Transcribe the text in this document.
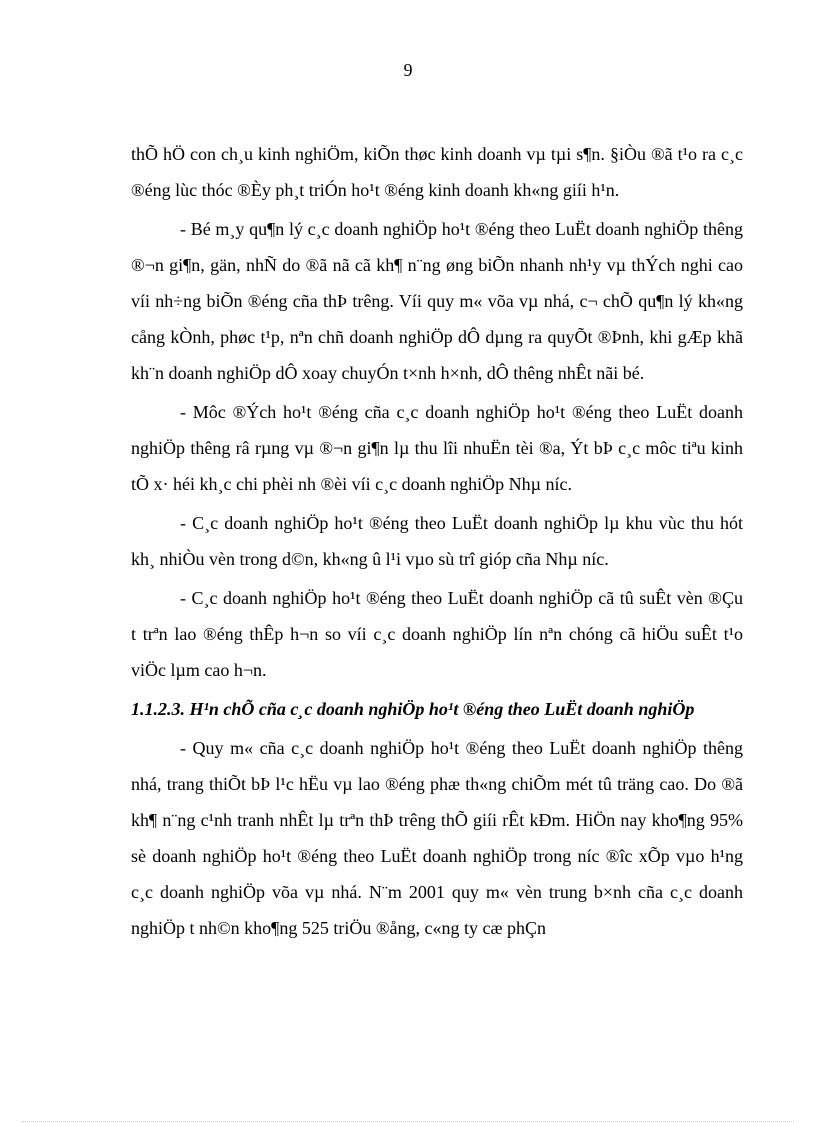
9

thÕ hÖ con ch¸u kinh nghiÖm, kiÕn thøc kinh doanh vµ tµi s¶n. §iÒu ®ã t¹o ra c¸c ®éng lùc thóc ®Èy ph¸t triÓn ho¹t ®éng kinh doanh kh«ng giíi h¹n.

- Bé m¸y qu¶n lý c¸c doanh nghiÖp ho¹t ®éng theo LuËt doanh nghiÖp thêng ®¬n gi¶n, gän, nhÑ do ®ã nã cã kh¶ n¨ng øng biÕn nhanh nh¹y vµ thÝch nghi cao víi nh÷ng biÕn ®éng cña thÞ trêng. Víi quy m« võa vµ nhá, c¬ chÕ qu¶n lý kh«ng cång kÒnh, phøc t¹p, nªn chñ doanh nghiÖp dÔ dµng ra quyÕt ®Þnh, khi gÆp khã kh¨n doanh nghiÖp dÔ xoay chuyÓn t×nh h×nh, dÔ thêng nhÊt nãi bé.

- Môc ®Ých ho¹t ®éng cña c¸c doanh nghiÖp ho¹t ®éng theo LuËt doanh nghiÖp thêng râ rµng vµ ®¬n gi¶n lµ thu lîi nhuËn tèi ®a, Ýt bÞ c¸c môc tiªu kinh tÕ x· héi kh¸c chi phèi nh ®èi víi c¸c doanh nghiÖp Nhµ níc.

- C¸c doanh nghiÖp ho¹t ®éng theo LuËt doanh nghiÖp lµ khu vùc thu hót kh¸ nhiÒu vèn trong d©n, kh«ng û l¹i vµo sù trî gióp cña Nhµ níc.

- C¸c doanh nghiÖp ho¹t ®éng theo LuËt doanh nghiÖp cã tû suÊt vèn ®Çu t trªn lao ®éng thÊp h¬n so víi c¸c doanh nghiÖp lín nªn chóng cã hiÖu suÊt t¹o viÖc lµm cao h¬n.

1.1.2.3. H¹n chÕ cña c¸c doanh nghiÖp ho¹t ®éng theo LuËt doanh nghiÖp

- Quy m« cña c¸c doanh nghiÖp ho¹t ®éng theo LuËt doanh nghiÖp thêng nhá, trang thiÕt bÞ l¹c hËu vµ lao ®éng phæ th«ng chiÕm mét tû träng cao. Do ®ã kh¶ n¨ng c¹nh tranh nhÊt lµ trªn thÞ trêng thÕ giíi rÊt kÐm. HiÖn nay kho¶ng 95% sè doanh nghiÖp ho¹t ®éng theo LuËt doanh nghiÖp trong níc ®îc xÕp vµo h¹ng c¸c doanh nghiÖp võa vµ nhá. N¨m 2001 quy m« vèn trung b×nh cña c¸c doanh nghiÖp t nh©n kho¶ng 525 triÖu ®ång, c«ng ty cæ phÇn
